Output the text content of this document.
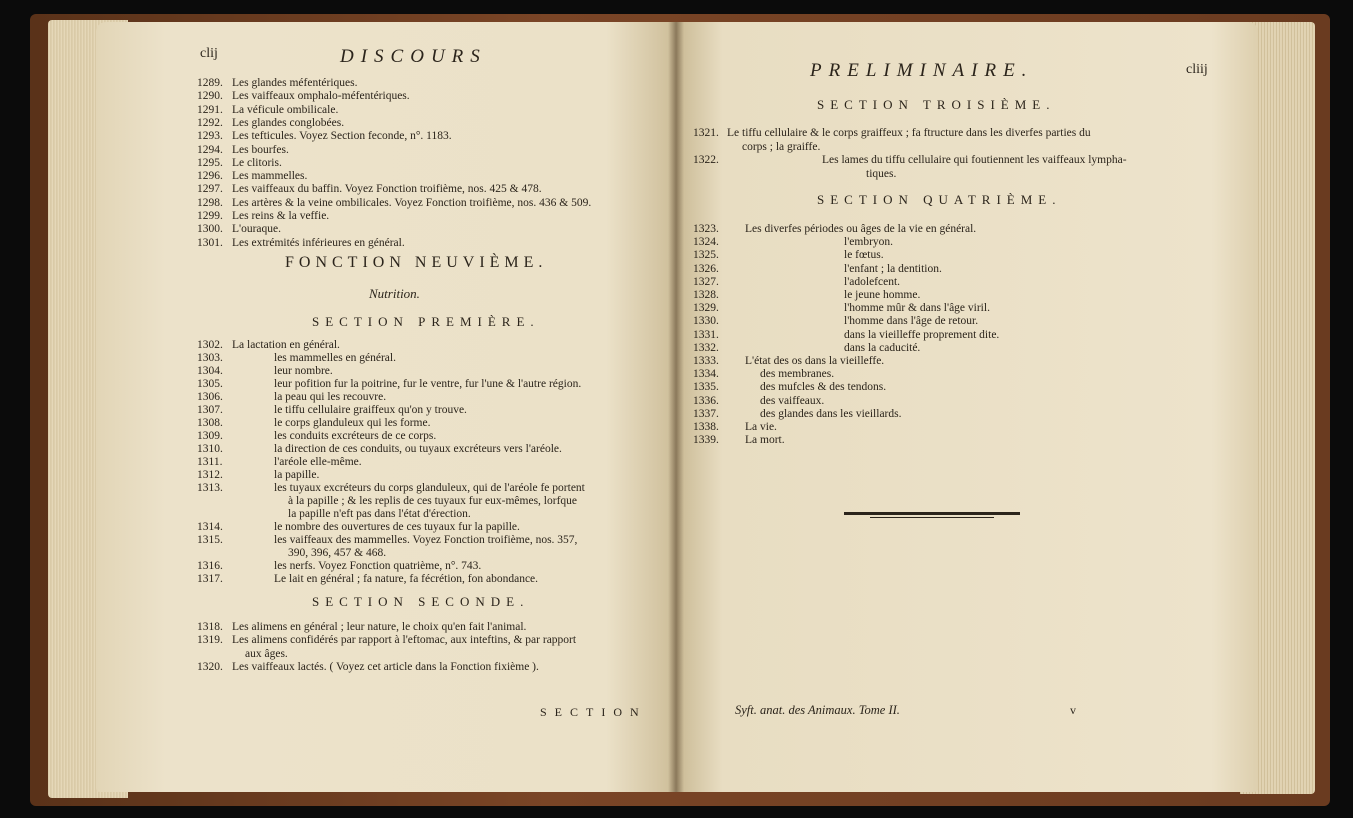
clij	DISCOURS
1289. Les glandes méfentériques.
1290. Les vaiffeaux omphalo-méfentériques.
1291. La véficule ombilicale.
1292. Les glandes conglobées.
1293. Les tefticules. Voyez Section feconde, n°. 1183.
1294. Les bourfes.
1295. Le clitoris.
1296. Les mammelles.
1297. Les vaiffeaux du baffin. Voyez Fonction troifième, nos. 425 & 478.
1298. Les artères & la veine ombilicales. Voyez Fonction troifième, nos. 436 & 509.
1299. Les reins & la veffie.
1300. L'ouraque.
1301. Les extrémités inférieures en général.
FONCTION NEUVIÈME.
Nutrition.
SECTION PREMIÈRE.
1302. La lactation en général.
1303.	les mammelles en général.
1304.	leur nombre.
1305.	leur pofition fur la poitrine, fur le ventre, fur l'une & l'autre région.
1306.	la peau qui les recouvre.
1307.	le tiffu cellulaire graiffeux qu'on y trouve.
1308.	le corps glanduleux qui les forme.
1309.	les conduits excréteurs de ce corps.
1310.	la direction de ces conduits, ou tuyaux excréteurs vers l'aréole.
1311.	l'aréole elle-même.
1312.	la papille.
1313.	les tuyaux excréteurs du corps glanduleux, qui de l'aréole fe portent
à la papille ; & les replis de ces tuyaux fur eux-mêmes, lorfque
la papille n'eft pas dans l'état d'érection.
1314.	le nombre des ouvertures de ces tuyaux fur la papille.
1315.	les vaiffeaux des mammelles. Voyez Fonction troifième, nos. 357,
390, 396, 457 & 468.
1316.	les nerfs. Voyez Fonction quatrième, n°. 743.
1317.	Le lait en général ; fa nature, fa fécrétion, fon abondance.
SECTION SECONDE.
1318. Les alimens en général ; leur nature, le choix qu'en fait l'animal.
1319. Les alimens confidérés par rapport à l'eftomac, aux inteftins, & par rapport
aux âges.
1320. Les vaiffeaux lactés. ( Voyez cet article dans la Fonction fixième ).
SECTION
PRELIMINAIRE.	cliij
SECTION TROISIÈME.
1321. Le tiffu cellulaire & le corps graiffeux ; fa ftructure dans les diverfes parties du
corps ; la graiffe.
1322.	Les lames du tiffu cellulaire qui foutiennent les vaiffeaux lympha-
tiques.
SECTION QUATRIÈME.
1323. Les diverfes périodes ou âges de la vie en général.
1324.	l'embryon.
1325.	le fœtus.
1326.	l'enfant ; la dentition.
1327.	l'adolefcent.
1328.	le jeune homme.
1329.	l'homme mûr & dans l'âge viril.
1330.	l'homme dans l'âge de retour.
1331.	dans la vieilleffe proprement dite.
1332.	dans la caducité.
1333. L'état des os dans la vieilleffe.
1334.	des membranes.
1335.	des mufcles & des tendons.
1336.	des vaiffeaux.
1337.	des glandes dans les vieillards.
1338. La vie.
1339. La mort.
Syft. anat. des Animaux. Tome II.	v
